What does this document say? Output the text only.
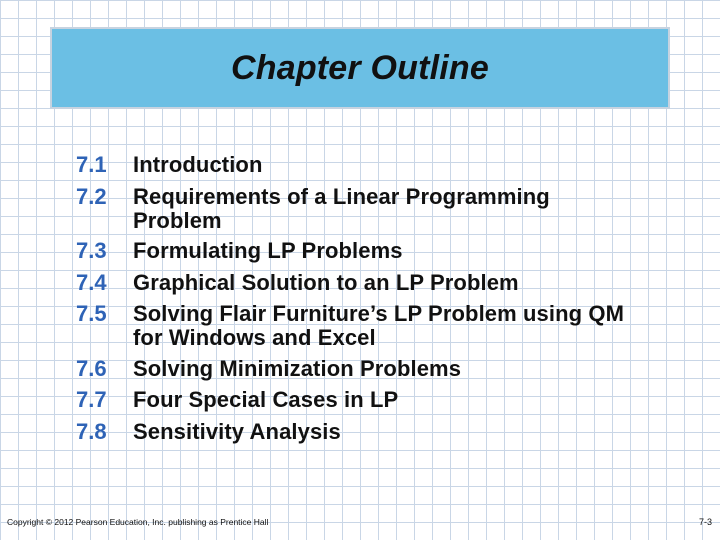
Chapter Outline
7.1	Introduction
7.2	Requirements of a Linear Programming Problem
7.3	Formulating LP Problems
7.4	Graphical Solution to an LP Problem
7.5	Solving Flair Furniture’s LP Problem using QM for Windows and Excel
7.6	Solving Minimization Problems
7.7	Four Special Cases in LP
7.8	Sensitivity Analysis
Copyright © 2012 Pearson Education, Inc. publishing as Prentice Hall	7-3
